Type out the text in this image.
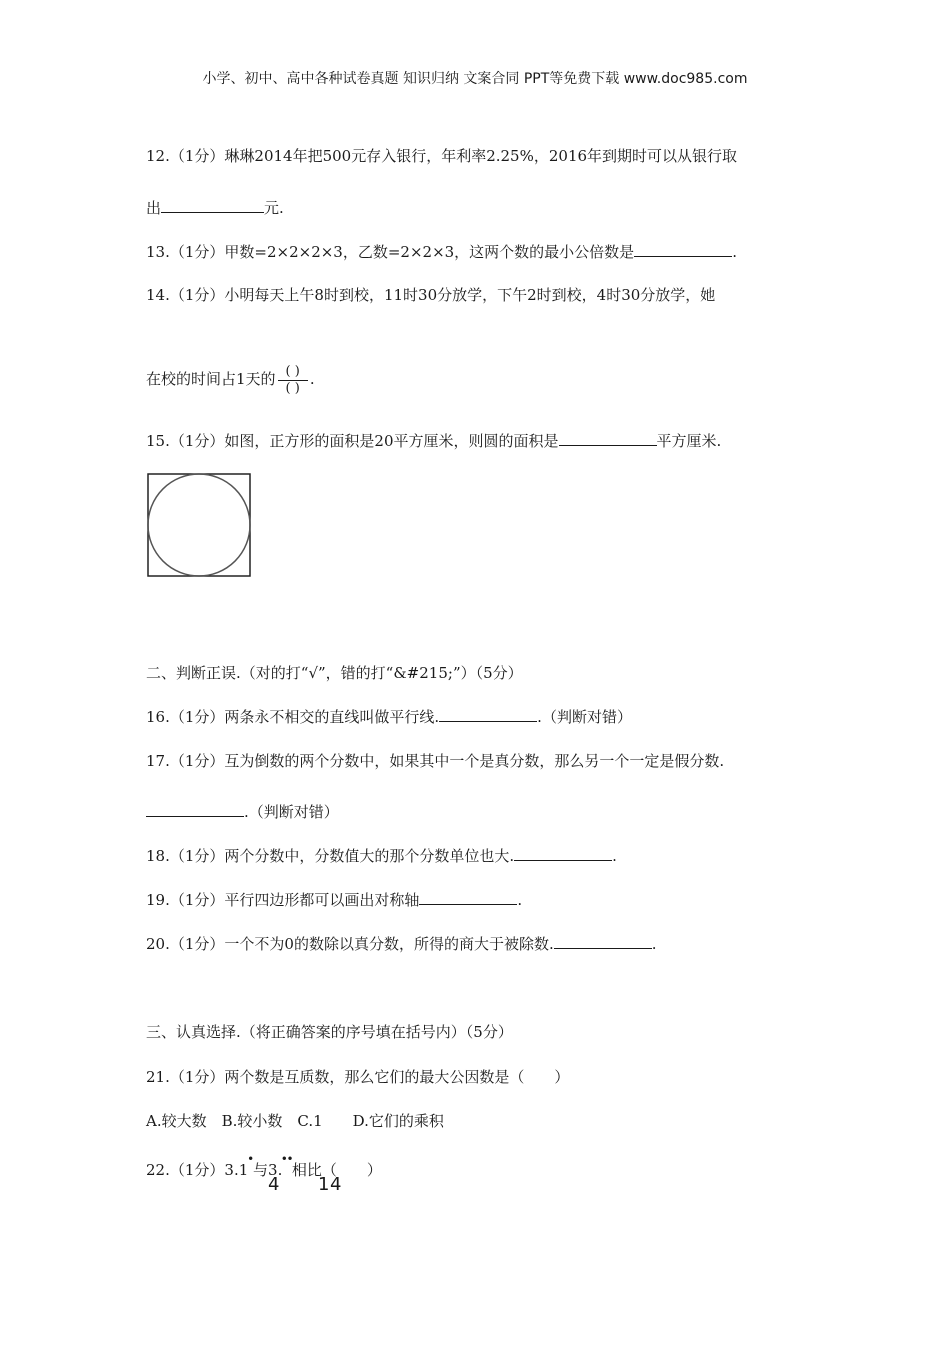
小学、初中、高中各种试卷真题 知识归纳 文案合同 PPT等免费下载 www.doc985.com
12.（1分）琳琳2014年把500元存入银行，年利率2.25%，2016年到期时可以从银行取
出	元.
13.（1分）甲数=2×2×2×3，乙数=2×2×3，这两个数的最小公倍数是	.
14.（1分）小明每天上午8时到校，11时30分放学，下午2时到校，4时30分放学，她
在校的时间占1天的 $\frac{( )}{( )}$ .
15.（1分）如图，正方形的面积是20平方厘米，则圆的面积是	平方厘米.
二、判断正误.（对的打“√”，错的打“&#215;”）（5分）
16.（1分）两条永不相交的直线叫做平行线.	.（判断对错）
17.（1分）互为倒数的两个分数中，如果其中一个是真分数，那么另一个一定是假分数.
.（判断对错）
18.（1分）两个分数中，分数值大的那个分数单位也大.	.
19.（1分）平行四边形都可以画出对称轴	.
20.（1分）一个不为0的数除以真分数，所得的商大于被除数.	.
三、认真选择.（将正确答案的序号填在括号内）（5分）
21.（1分）两个数是互质数，那么它们的最大公因数是（　　）
A.较大数　B.较小数　C.1　　D.它们的乘积
22.（1分）3.1
•
与3.
•
•
相比（　　）
4 1 4
